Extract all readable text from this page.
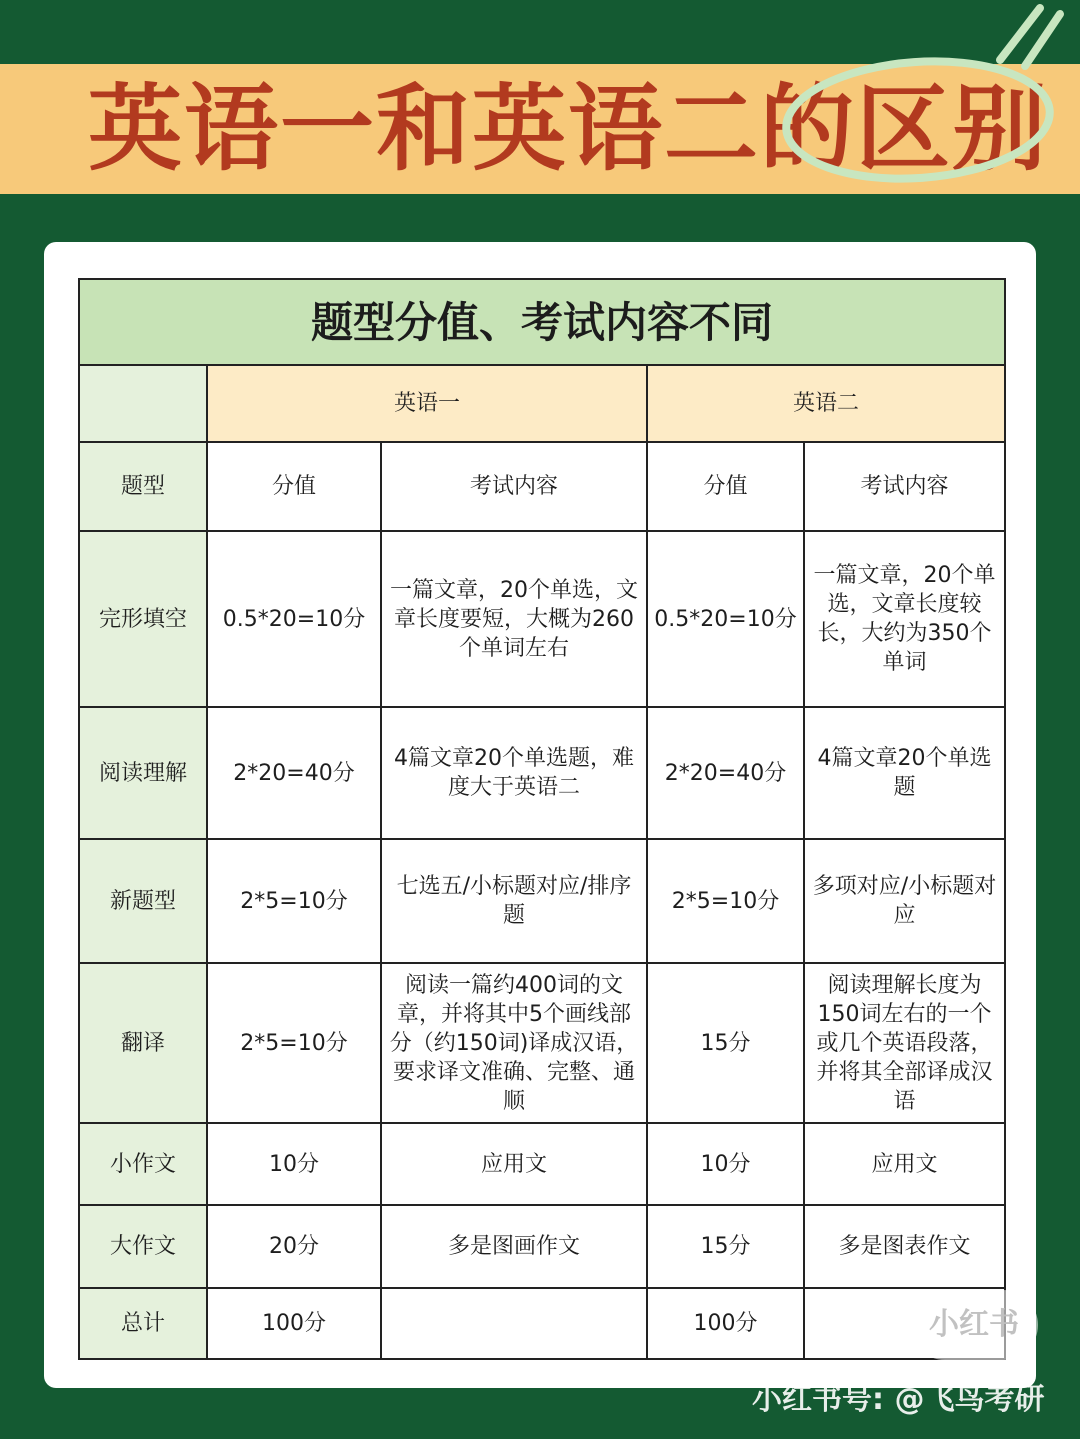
英语一和英语二的区别
题型分值、考试内容不同				
	英语一		英语二	
题型	分值	考试内容	分值	考试内容
完形填空	0.5*20=10分	一篇文章，20个单选，文章长度要短，大概为260个单词左右	0.5*20=10分	一篇文章，20个单选，文章长度较长，大约为350个单词
阅读理解	2*20=40分	4篇文章20个单选题，难度大于英语二	2*20=40分	4篇文章20个单选题
新题型	2*5=10分	七选五/小标题对应/排序题	2*5=10分	多项对应/小标题对应
翻译	2*5=10分	阅读一篇约400词的文章，并将其中5个画线部分（约150词)译成汉语，要求译文准确、完整、通顺	15分	阅读理解长度为150词左右的一个或几个英语段落，并将其全部译成汉语
小作文	10分	应用文	10分	应用文
大作文	20分	多是图画作文	15分	多是图表作文
总计	100分		100分		小红书
小红书号: @飞鸟考研
